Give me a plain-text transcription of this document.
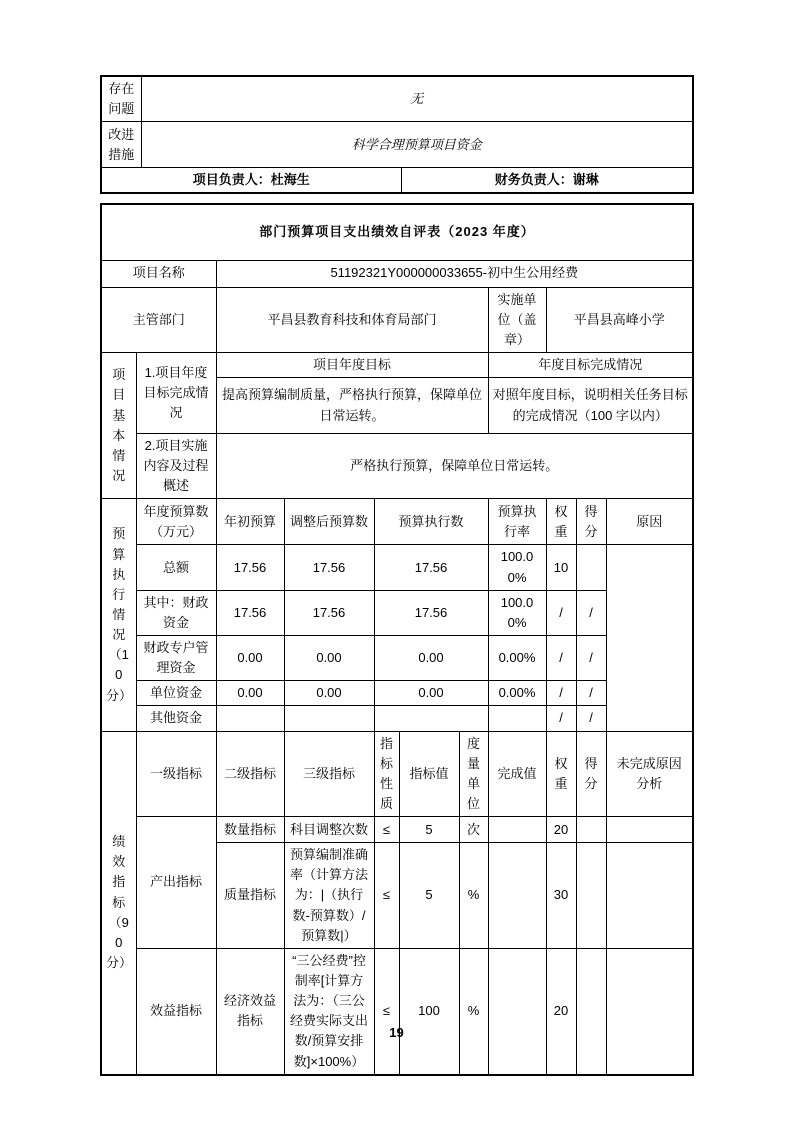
存在问题	无	
改进措施	科学合理预算项目资金	
项目负责人：杜海生		财务负责人：谢琳
部门预算项目支出绩效自评表（2023 年度）										
项目名称		51192321Y000000033655-初中生公用经费								
主管部门		平昌县教育科技和体育局部门					实施单位（盖章）	平昌县高峰小学		
项目基本情况	1.项目年度目标完成情况	项目年度目标					年度目标完成情况			
		提高预算编制质量，严格执行预算，保障单位日常运转。					对照年度目标，说明相关任务目标的完成情况（100 字以内）			
	2.项目实施内容及过程概述	严格执行预算，保障单位日常运转。								
预算执行情况（10 分）	年度预算数（万元）	年初预算	调整后预算数	预算执行数			预算执行率	权重	得分	原因
	总额	17.56	17.56	17.56			100.00%	10		
	其中：财政资金	17.56	17.56	17.56			100.00%	/	/	
	财政专户管理资金	0.00	0.00	0.00			0.00%	/	/	
	单位资金	0.00	0.00	0.00			0.00%	/	/	
	其他资金							/	/	
绩效指标（90 分）	一级指标	二级指标	三级指标	指标性质	指标值	度量单位	完成值	权重	得分	未完成原因分析
	产出指标	数量指标	科目调整次数	≤	5	次		20		
		质量指标	预算编制准确率（计算方法为：|（执行数-预算数）/预算数|）	≤	5	%		30		
	效益指标	经济效益指标	“三公经费”控制率[计算方法为：（三公经费实际支出数/预算安排数]×100%）	≤	100	%		20		
19
